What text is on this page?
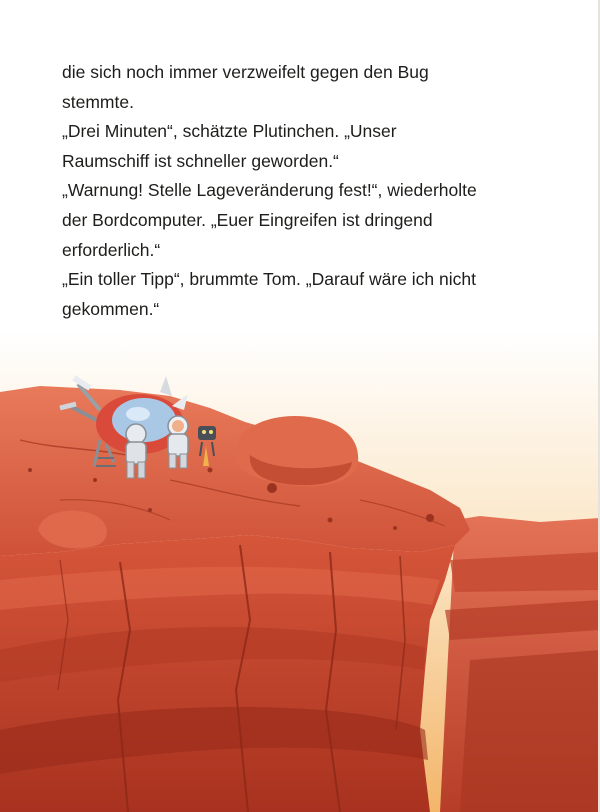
die sich noch immer verzweifelt gegen den Bug
stemmte.
„Drei Minuten“, schätzte Plutinchen. „Unser
Raumschiff ist schneller geworden.“
„Warnung! Stelle Lageveränderung fest!“, wiederholte
der Bordcomputer. „Euer Eingreifen ist dringend
erforderlich.“
„Ein toller Tipp“, brummte Tom. „Darauf wäre ich nicht
gekommen.“
